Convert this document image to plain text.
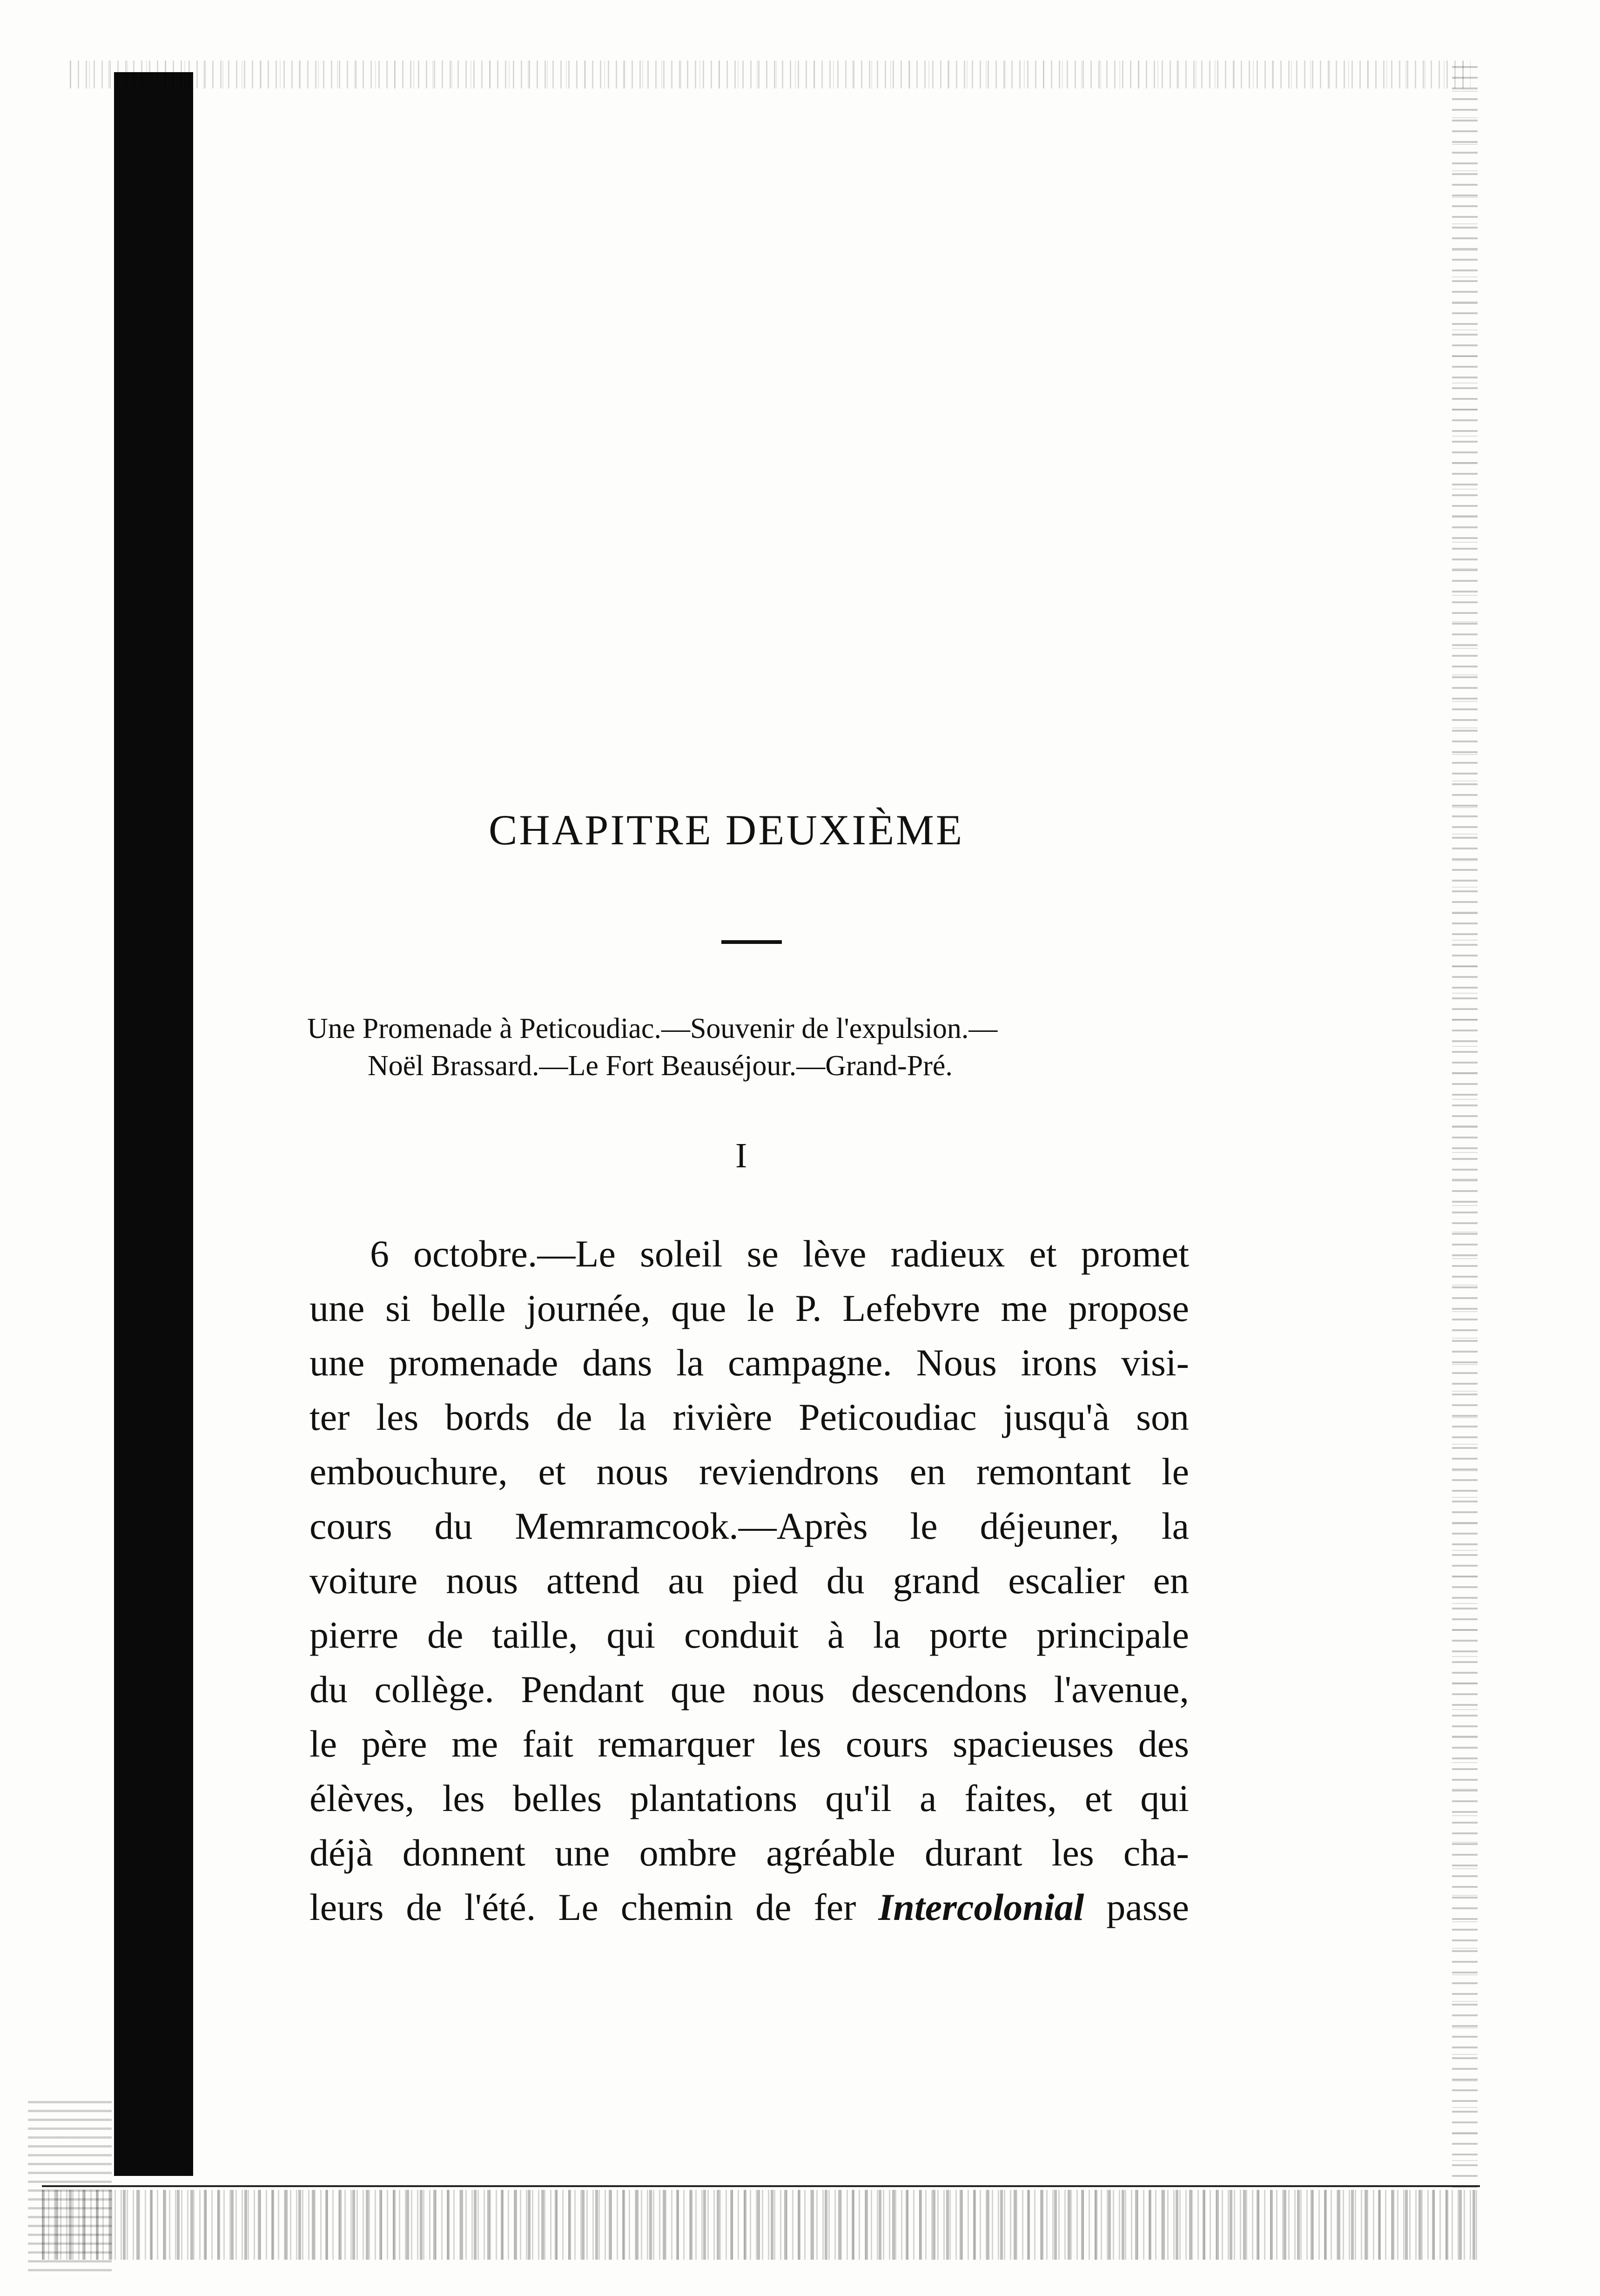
CHAPITRE DEUXIÈME
Une Promenade à Peticoudiac.—Souvenir de l'expulsion.—
Noël Brassard.—Le Fort Beauséjour.—Grand-Pré.
I
6 octobre.—Le soleil se lève radieux et promet
une si belle journée, que le P. Lefebvre me propose
une promenade dans la campagne. Nous irons visi-
ter les bords de la rivière Peticoudiac jusqu'à son
embouchure, et nous reviendrons en remontant le
cours du Memramcook.—Après le déjeuner, la
voiture nous attend au pied du grand escalier en
pierre de taille, qui conduit à la porte principale
du collège. Pendant que nous descendons l'avenue,
le père me fait remarquer les cours spacieuses des
élèves, les belles plantations qu'il a faites, et qui
déjà donnent une ombre agréable durant les cha-
leurs de l'été. Le chemin de fer Intercolonial passe
